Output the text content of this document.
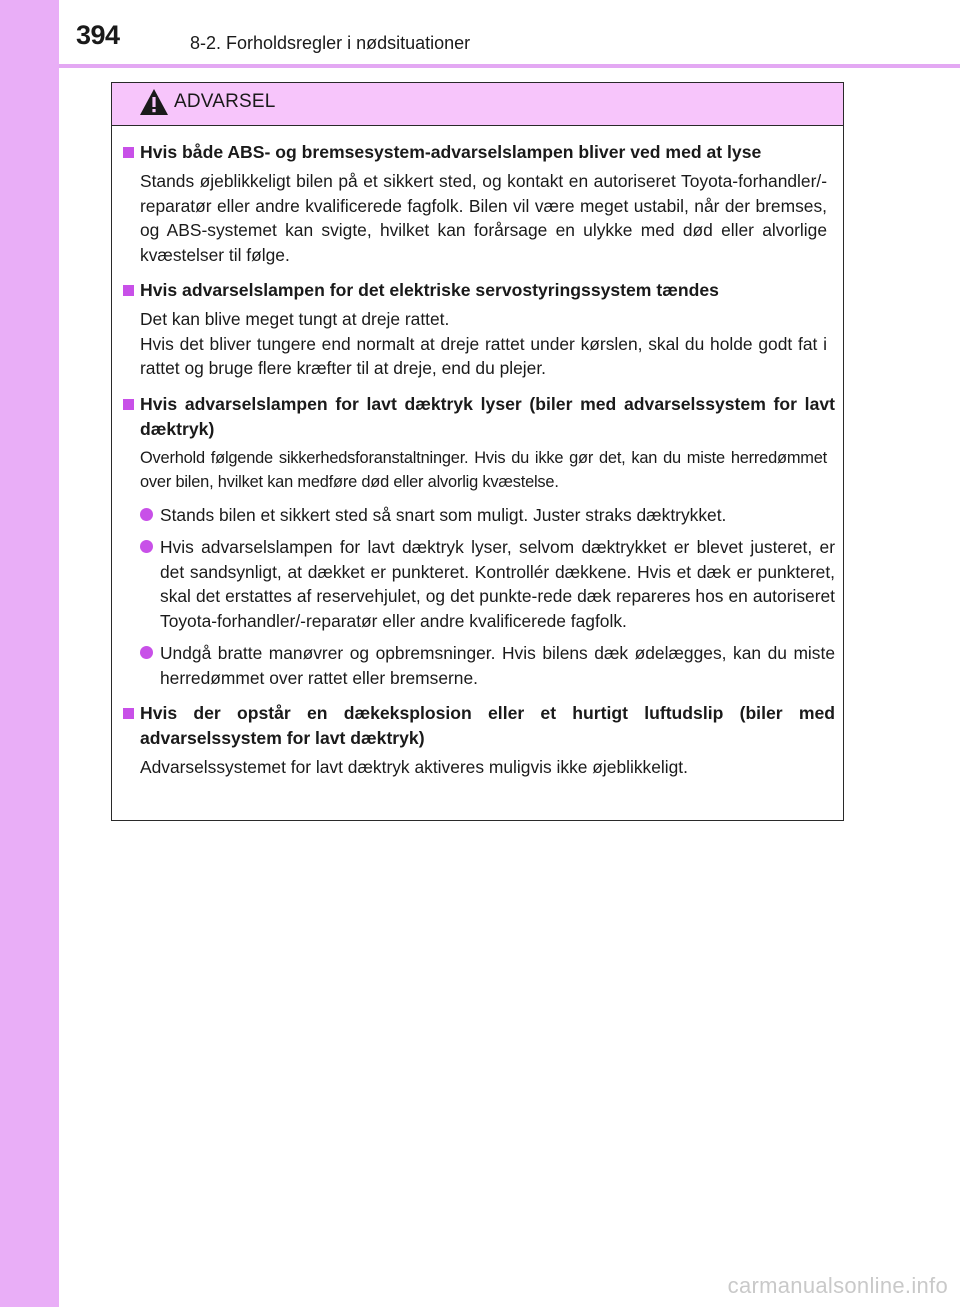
394	8-2. Forholdsregler i nødsituationer
ADVARSEL
Hvis både ABS- og bremsesystem-advarselslampen bliver ved med at lyse
Stands øjeblikkeligt bilen på et sikkert sted, og kontakt en autoriseret Toyota-forhandler/-reparatør eller andre kvalificerede fagfolk. Bilen vil være meget ustabil, når der bremses, og ABS-systemet kan svigte, hvilket kan forårsage en ulykke med død eller alvorlige kvæstelser til følge.
Hvis advarselslampen for det elektriske servostyringssystem tændes
Det kan blive meget tungt at dreje rattet.
Hvis det bliver tungere end normalt at dreje rattet under kørslen, skal du holde godt fat i rattet og bruge flere kræfter til at dreje, end du plejer.
Hvis advarselslampen for lavt dæktryk lyser (biler med advarselssystem for lavt dæktryk)
Overhold følgende sikkerhedsforanstaltninger. Hvis du ikke gør det, kan du miste herredømmet over bilen, hvilket kan medføre død eller alvorlig kvæstelse.
Stands bilen et sikkert sted så snart som muligt. Juster straks dæktrykket.
Hvis advarselslampen for lavt dæktryk lyser, selvom dæktrykket er blevet justeret, er det sandsynligt, at dækket er punkteret. Kontrollér dækkene. Hvis et dæk er punkteret, skal det erstattes af reservehjulet, og det punkte-rede dæk repareres hos en autoriseret Toyota-forhandler/-reparatør eller andre kvalificerede fagfolk.
Undgå bratte manøvrer og opbremsninger. Hvis bilens dæk ødelægges, kan du miste herredømmet over rattet eller bremserne.
Hvis der opstår en dækeksplosion eller et hurtigt luftudslip (biler med advarselssystem for lavt dæktryk)
Advarselssystemet for lavt dæktryk aktiveres muligvis ikke øjeblikkeligt.
carmanualsonline.info
